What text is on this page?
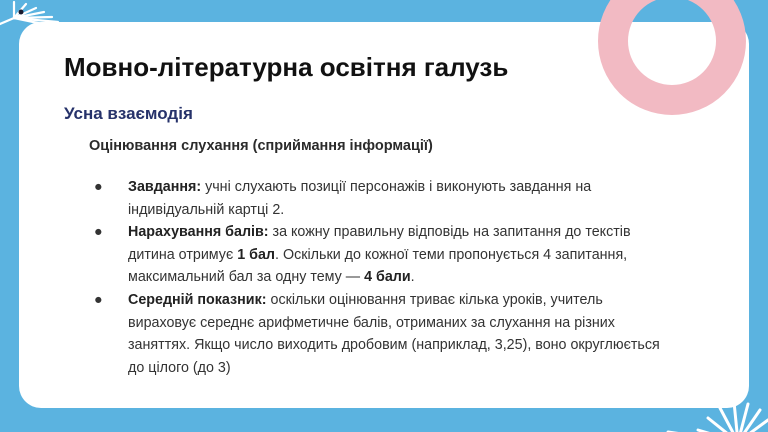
Мовно-літературна освітня галузь
Усна взаємодія
Оцінювання слухання (сприймання інформації)
● Завдання: учні слухають позиції персонажів і виконують завдання на індивідуальній картці 2.
● Нарахування балів: за кожну правильну відповідь на запитання до текстів дитина отримує 1 бал. Оскільки до кожної теми пропонується 4 запитання, максимальний бал за одну тему — 4 бали.
● Середній показник: оскільки оцінювання триває кілька уроків, учитель вираховує середнє арифметичне балів, отриманих за слухання на різних заняттях. Якщо число виходить дробовим (наприклад, 3,25), воно округлюється до цілого (до 3)
